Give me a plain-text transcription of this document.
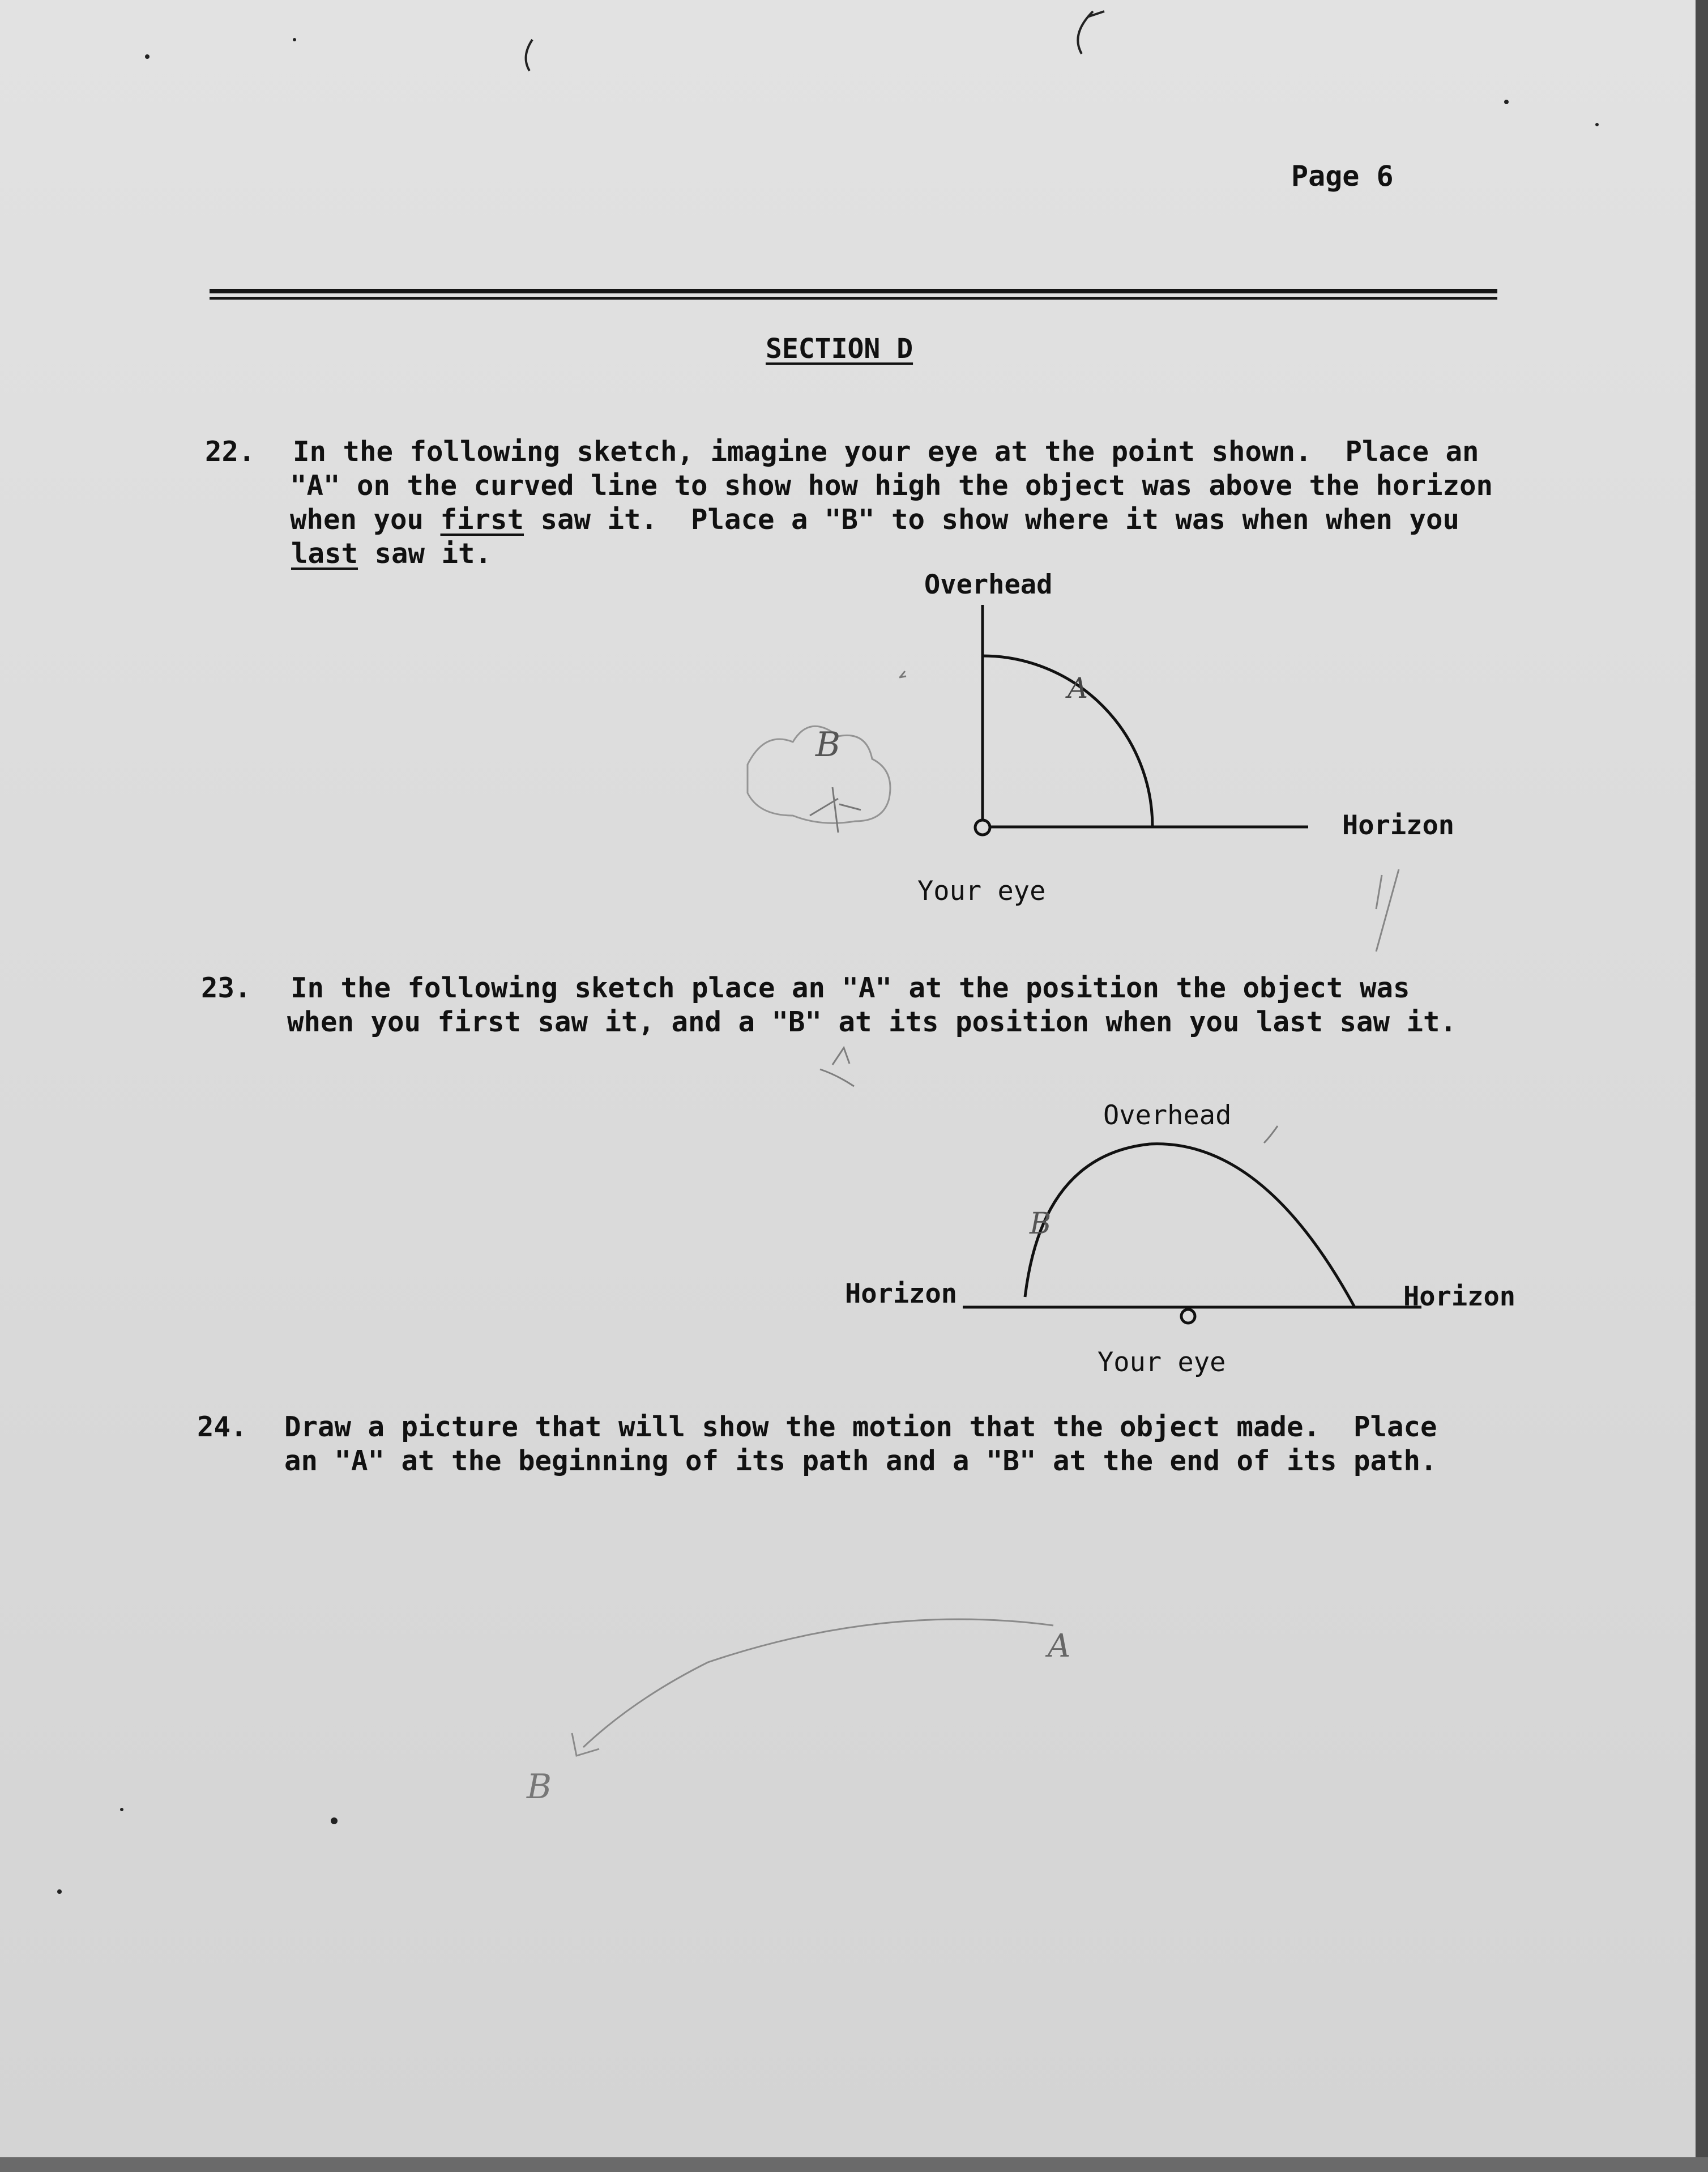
Page 6
SECTION D

22.

In the following sketch, imagine your eye at the point shown.  Place an

"A" on the curved line to show how high the object was above the horizon

when you first saw it.  Place a "B" to show where it was when when you

last saw it.

Overhead
Horizon
Your eye

23.

In the following sketch place an "A" at the position the object was

when you first saw it, and a "B" at its position when you last saw it.

Overhead
Horizon	Horizon
Your eye

24.

Draw a picture that will show the motion that the object made.  Place

an "A" at the beginning of its path and a "B" at the end of its path.

A
B
B
A
B
